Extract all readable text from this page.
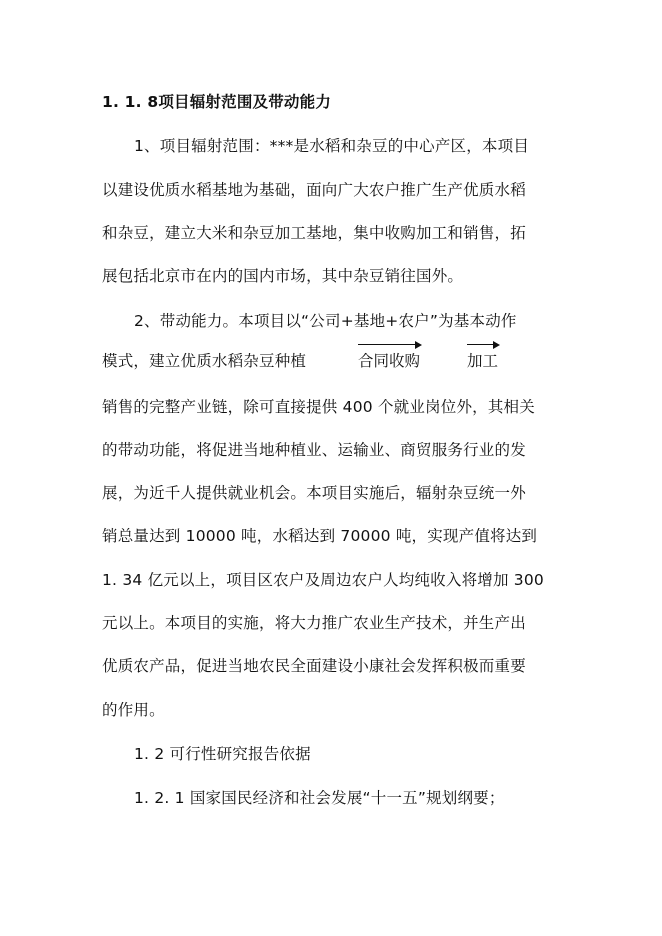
1. 1. 8项目辐射范围及带动能力
1、项目辐射范围：***是水稻和杂豆的中心产区，本项目
以建设优质水稻基地为基础，面向广大农户推广生产优质水稻
和杂豆，建立大米和杂豆加工基地，集中收购加工和销售，拓
展包括北京市在内的国内市场，其中杂豆销往国外。
2、带动能力。本项目以“公司+基地+农户”为基本动作
模式，建立优质水稻杂豆种植	合同收购	加工
销售的完整产业链，除可直接提供 400 个就业岗位外，其相关
的带动功能，将促进当地种植业、运输业、商贸服务行业的发
展，为近千人提供就业机会。本项目实施后，辐射杂豆统一外
销总量达到 10000 吨，水稻达到 70000 吨，实现产值将达到
1. 34 亿元以上，项目区农户及周边农户人均纯收入将增加 300
元以上。本项目的实施，将大力推广农业生产技术，并生产出
优质农产品，促进当地农民全面建设小康社会发挥积极而重要
的作用。
1. 2 可行性研究报告依据
1. 2. 1 国家国民经济和社会发展“十一五”规划纲要；
